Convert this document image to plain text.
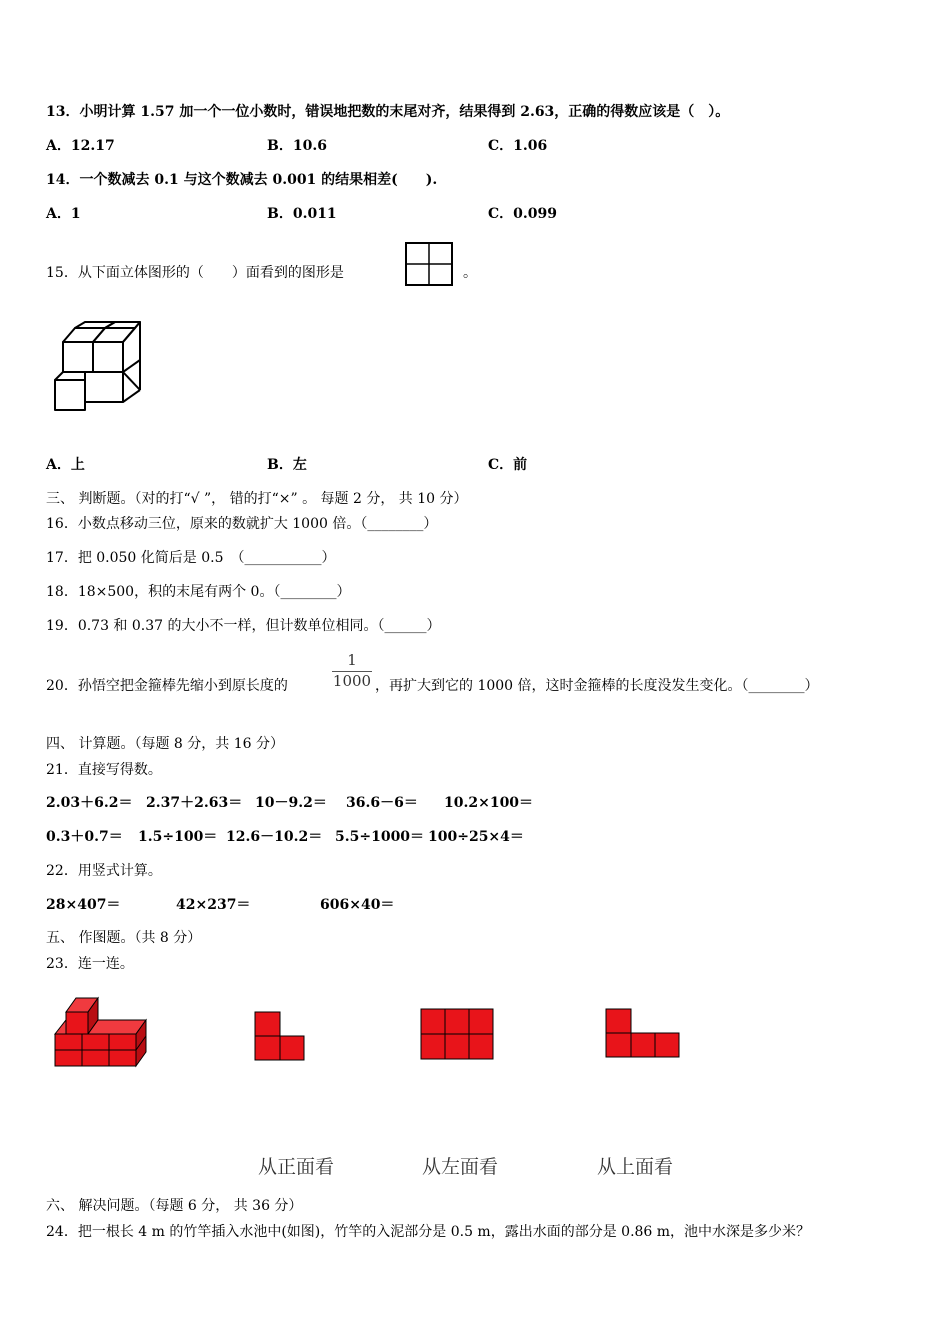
13．小明计算 1.57 加一个一位小数时，错误地把数的末尾对齐，结果得到 2.63，正确的得数应该是（　）。
A．12.17	B．10.6	C．1.06
14．一个数减去 0.1 与这个数减去 0.001 的结果相差(　　).
A．1	B．0.011	C．0.099
15．从下面立体图形的（　　）面看到的图形是	。
A．上	B．左	C．前
三、 判断题。（对的打“√ ”， 错的打“×” 。 每题 2 分， 共 10 分）
16．小数点移动三位，原来的数就扩大 1000 倍。（________）
17．把 0.050 化简后是 0.5　（___________）
18．18×500，积的末尾有两个 0。（________）
19．0.73 和 0.37 的大小不一样，但计数单位相同。（______）
20．孙悟空把金箍棒先缩小到原长度的
1
1000 ，再扩大到它的 1000 倍，这时金箍棒的长度没发生变化。（________）
四、 计算题。（每题 8 分，共 16 分）
21．直接写得数。
2.03＋6.2＝ 2.37＋2.63＝ 10－9.2＝ 36.6－6＝ 10.2×100＝
0.3＋0.7＝ 1.5÷100＝ 12.6－10.2＝ 5.5÷1000＝ 100÷25×4＝
22．用竖式计算。
28×407＝	42×237＝	606×40＝
五、 作图题。（共 8 分）
23．连一连。
从正面看	从左面看	从上面看
六、 解决问题。（每题 6 分， 共 36 分）
24．把一根长 4 m 的竹竿插入水池中(如图)，竹竿的入泥部分是 0.5 m，露出水面的部分是 0.86 m，池中水深是多少米？
